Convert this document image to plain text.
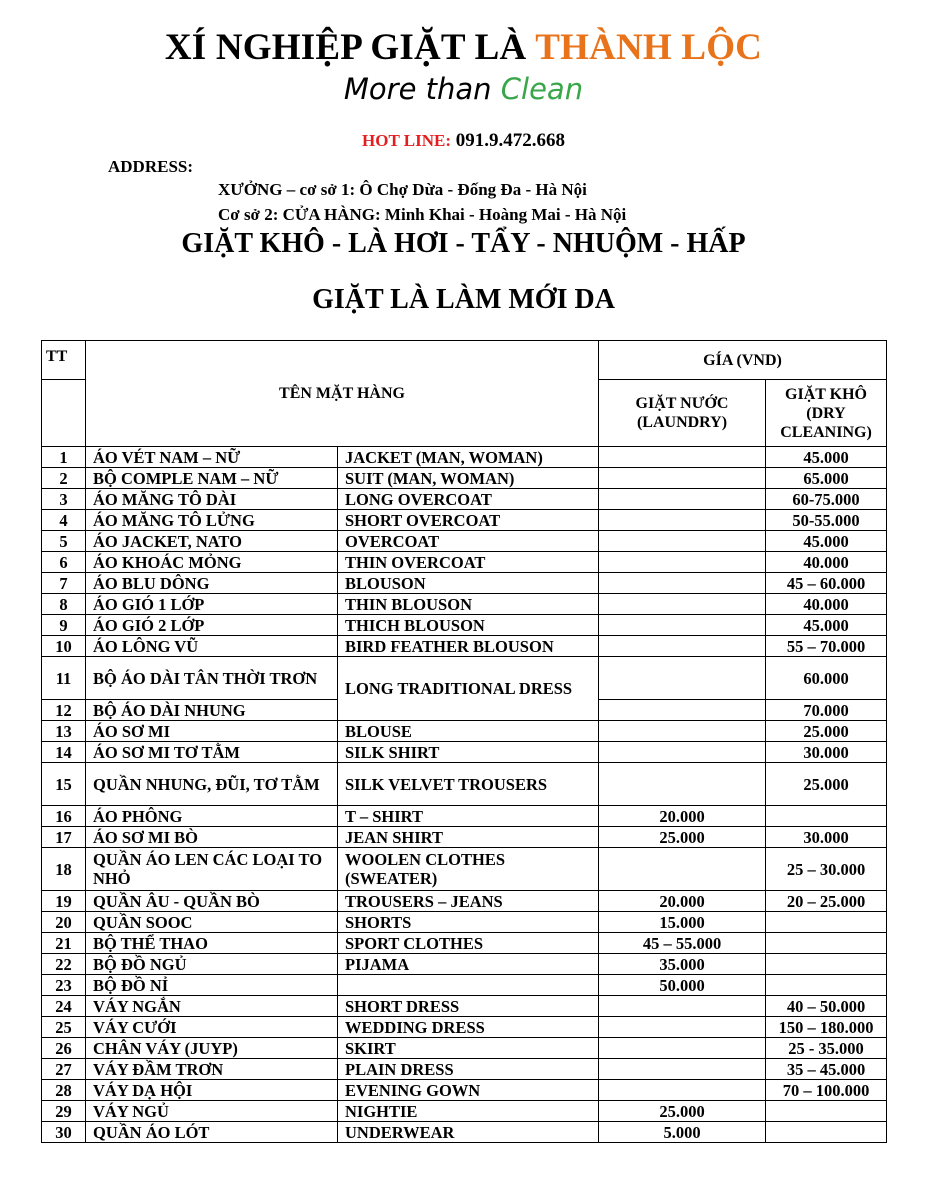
XÍ NGHIỆP GIẶT LÀ THÀNH LỘC
More than Clean
HOT LINE: 091.9.472.668
ADDRESS:
XƯỞNG – cơ sở 1: Ô Chợ Dừa - Đống Đa - Hà Nội
Cơ sở 2: CỬA HÀNG: Minh Khai - Hoàng Mai - Hà Nội
GIẶT KHÔ - LÀ HƠI - TẨY - NHUỘM - HẤP
GIẶT LÀ LÀM MỚI DA
TT	TÊN MẶT HÀNG		GÍA (VND)	
			GIẶT NƯỚC (LAUNDRY)	GIẶT KHÔ (DRY CLEANING)
1	ÁO VÉT NAM – NỮ	JACKET (MAN, WOMAN)		45.000
2	BỘ COMPLE NAM – NỮ	SUIT (MAN, WOMAN)		65.000
3	ÁO MĂNG TÔ DÀI	LONG OVERCOAT		60-75.000
4	ÁO MĂNG TÔ LỬNG	SHORT OVERCOAT		50-55.000
5	ÁO JACKET, NATO	OVERCOAT		45.000
6	ÁO KHOÁC MỎNG	THIN OVERCOAT		40.000
7	ÁO BLU DÔNG	BLOUSON		45 – 60.000
8	ÁO GIÓ 1 LỚP	THIN BLOUSON		40.000
9	ÁO GIÓ 2 LỚP	THICH BLOUSON		45.000
10	ÁO LÔNG VŨ	BIRD FEATHER BLOUSON		55 – 70.000
11	BỘ ÁO DÀI TÂN THỜI TRƠN	LONG TRADITIONAL DRESS		60.000
12	BỘ ÁO DÀI NHUNG			70.000
13	ÁO SƠ MI	BLOUSE		25.000
14	ÁO SƠ MI TƠ TẰM	SILK SHIRT		30.000
15	QUẦN NHUNG, ĐŨI, TƠ TẰM	SILK VELVET TROUSERS		25.000
16	ÁO PHÔNG	T – SHIRT	20.000	
17	ÁO SƠ MI BÒ	JEAN SHIRT	25.000	30.000
18	QUẦN ÁO LEN CÁC LOẠI TO NHỎ	WOOLEN CLOTHES (SWEATER)		25 – 30.000
19	QUẦN ÂU - QUẦN BÒ	TROUSERS – JEANS	20.000	20 – 25.000
20	QUẦN SOOC	SHORTS	15.000	
21	BỘ THỂ THAO	SPORT CLOTHES	45 – 55.000	
22	BỘ ĐỒ NGỦ	PIJAMA	35.000	
23	BỘ ĐỒ NỈ		50.000	
24	VÁY NGẮN	SHORT DRESS		40 – 50.000
25	VÁY CƯỚI	WEDDING DRESS		150 – 180.000
26	CHÂN VÁY (JUYP)	SKIRT		25 - 35.000
27	VÁY ĐẦM TRƠN	PLAIN DRESS		35 – 45.000
28	VÁY DẠ HỘI	EVENING GOWN		70 – 100.000
29	VÁY NGỦ	NIGHTIE	25.000	
30	QUẦN ÁO LÓT	UNDERWEAR	5.000	
